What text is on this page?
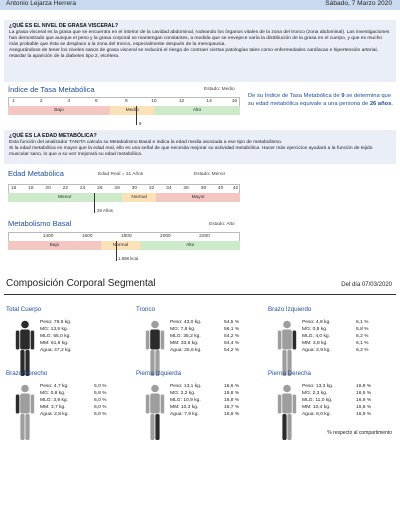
Antonio Lejarza Herrera	Sábado, 7 Marzo 2020
¿QUÉ ES EL NIVEL DE GRASA VISCERAL?

La grasa visceral es la grasa que se encuentra en el interior de la cavidad abdominal, rodeando los órganos vitales de la zona del tronco (zona abdominal). Las investigaciones han demostrado que aunque el peso y la grasa corporal se mantengan constantes, a medida que se envejece varía la distribución de la grasa en el cuerpo, y que es mucho más probable que ésta se desplace a la zona del tronco, especialmente después de la menopausia.

Asegurándose de tener los niveles sanos de grasa visceral se reducirá el riesgo de contraer ciertas patologías tales como enfermedades cardíacas e hipertensión arterial, retardar la aparición de la diabetes tipo 2, etcétera.

Índice de Tasa Metabólica	Estado: Medio
1	2	4	6	8	10	12	14	16
Bajo	Medio	Alto
9
De su Índice de Tasa Metabólica de 9 se determina que su edad metabólica equivale a una persona de 26 años.
¿QUÉ ES LA EDAD METABÓLICA?

Esta función del analizador TANITA calcula su Metabolismo Basal e indica la edad media asociada a ese tipo de metabolismo.

Si la edad metabólica es mayor que la edad real, ello es una señal de que necesita mejorar su actividad metabólica. Hacer más ejercicios ayudará a la función de tejido muscular sano, lo que a su vez mejorará su edad metabólica.

Edad Metabólica	Edad Real = 31 Años	Estado: Menor
16 18 20 22 24 26 28 30 32 34 36 38 40 42
Menor	Normal	Mayor
26 Años
Metabolismo Basal	Estado: Alto
1400	1600	1800	2000	2200
Bajo	Normal	Alto
1.898 kcal.
Composición Corporal Segmental	Del día 07/03/2020
Total Cuerpo
Peso: 78,9 kg.
MG: 13,9 kg.
MLG: 65,0 kg.
MM: 61,8 kg.
Agua: 47,2 kg.
Tronco
Peso: 43,0 kg.	54,5 %
MG: 7,8 kg.	56,1 %
MLG: 35,2 kg.	54,2 %
MM: 33,6 kg.	54,4 %
Agua: 25,6 kg.	54,2 %
Brazo Izquierdo
Peso: 4,8 kg.	6,1 %
MG: 0,8 kg.	5,8 %
MLG: 4,0 kg.	6,2 %
MM: 3,8 kg.	6,1 %
Agua: 2,9 kg.	6,2 %
Brazo Derecho
Peso: 4,7 kg.	6,0 %
MG: 0,8 kg.	5,8 %
MLG: 3,9 kg.	6,0 %
MM: 3,7 kg.	6,0 %
Agua: 2,8 kg.	6,0 %
Pierna Izquierda
Peso: 13,1 kg.	16,6 %
MG: 2,2 kg.	15,8 %
MLG: 10,9 kg.	16,8 %
MM: 10,3 kg.	16,7 %
Agua: 7,9 kg.	16,8 %
Pierna Derecha
Peso: 13,3 kg.	16,9 %
MG: 2,3 kg.	16,5 %
MLG: 11,0 kg.	16,9 %
MM: 10,4 kg.	16,8 %
Agua: 8,0 kg.	16,9 %
% respecto al compartimento
